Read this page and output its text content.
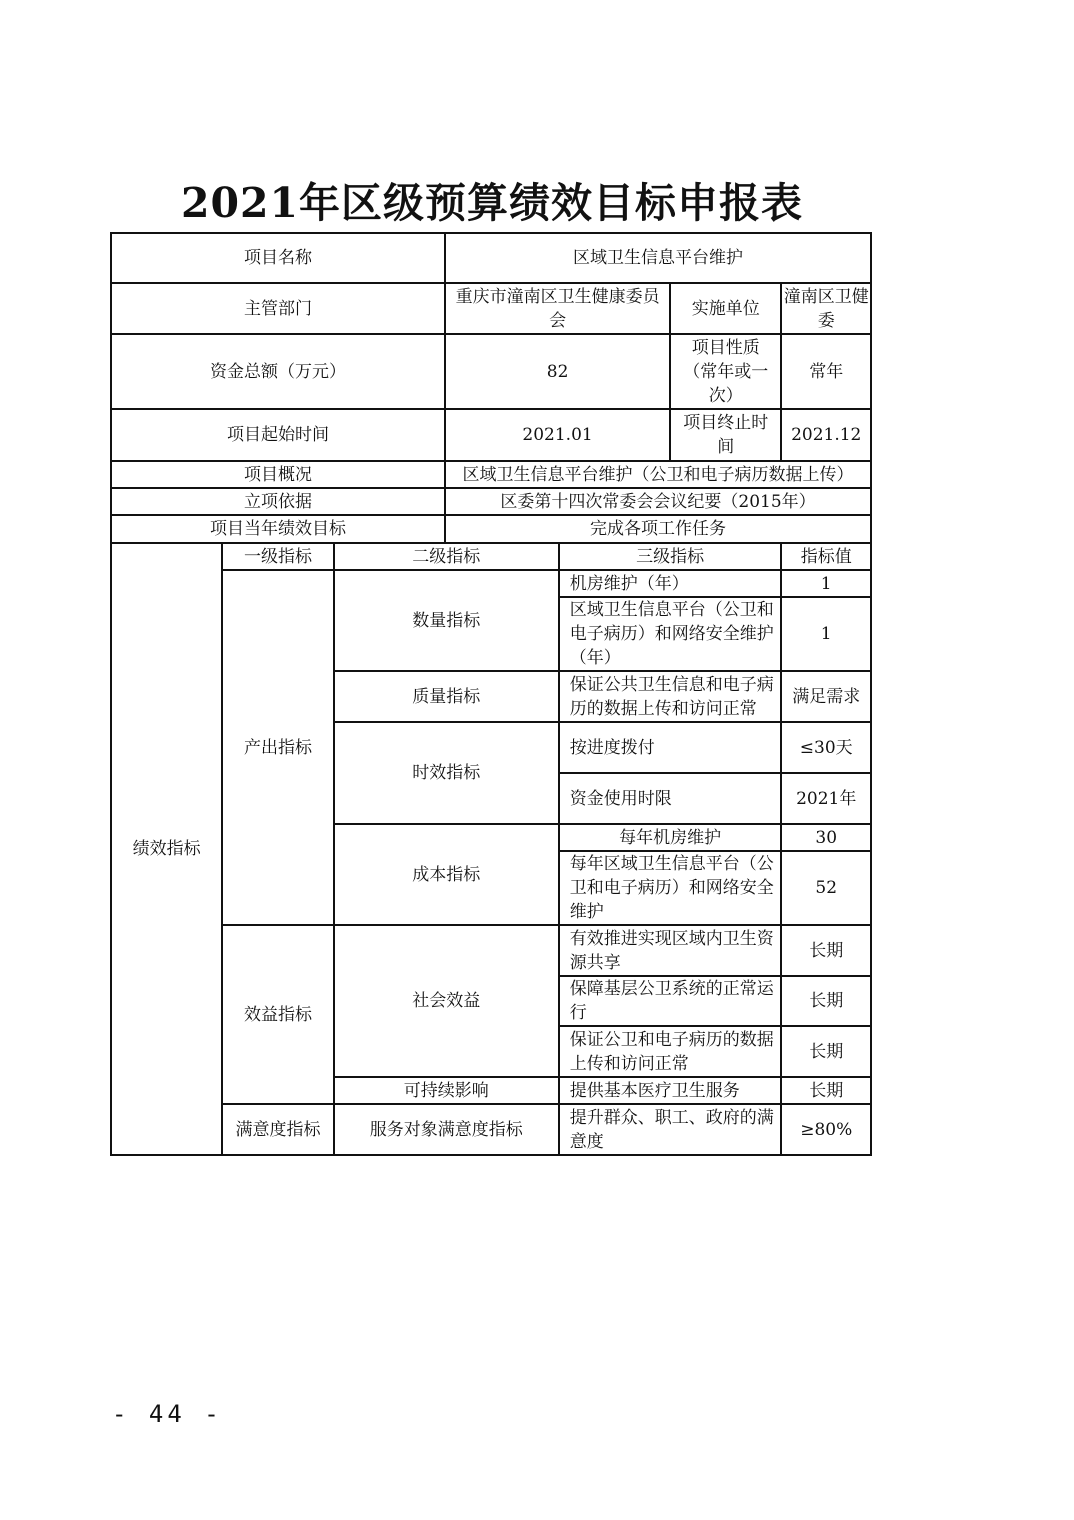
2021年区级预算绩效目标申报表
项目名称			区域卫生信息平台维护			
主管部门			重庆市潼南区卫生健康委员会		实施单位	潼南区卫健委
资金总额（万元）			82		项目性质（常年或一次）	常年
项目起始时间			2021.01		项目终止时间	2021.12
项目概况			区域卫生信息平台维护（公卫和电子病历数据上传）			
立项依据			区委第十四次常委会会议纪要（2015年）			
项目当年绩效目标			完成各项工作任务			
绩效指标	一级指标	二级指标		三级指标		指标值
	产出指标	数量指标		机房维护（年）		1
				区域卫生信息平台（公卫和电子病历）和网络安全维护（年）		1
		质量指标		保证公共卫生信息和电子病历的数据上传和访问正常		满足需求
		时效指标		按进度拨付		≤30天
				资金使用时限		2021年
		成本指标		每年机房维护		30
				每年区域卫生信息平台（公卫和电子病历）和网络安全维护		52
	效益指标	社会效益		有效推进实现区域内卫生资源共享		长期
				保障基层公卫系统的正常运行		长期
				保证公卫和电子病历的数据上传和访问正常		长期
		可持续影响		提供基本医疗卫生服务		长期
	满意度指标	服务对象满意度指标		提升群众、职工、政府的满意度		≥80%
- 44 -
